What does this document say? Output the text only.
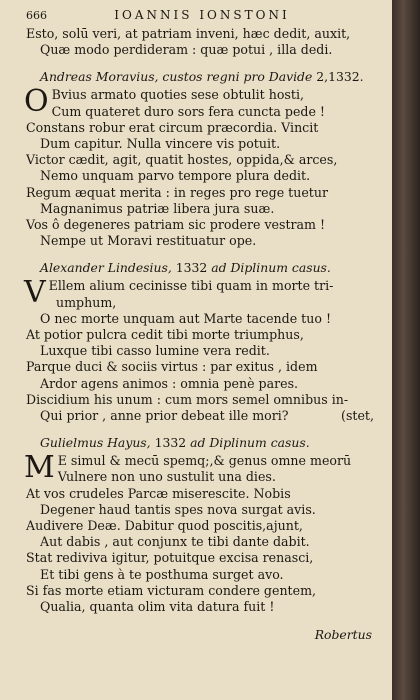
666	IOANNIS IONSTONI
Esto, solū veri, at patriam inveni, hæc dedit, auxit,
Quæ modo perdideram : quæ potui , illa dedi.
Andreas Moravius, custos regni pro Davide 2,1332.
O Bvius armato quoties sese obtulit hosti,
Cum quateret duro sors fera cuncta pede !
Constans robur erat circum præcordia. Vincit
Dum capitur. Nulla vincere vis potuit.
Victor cædit, agit, quatit hostes, oppida,& arces,
Nemo unquam parvo tempore plura dedit.
Regum æquat merita : in reges pro rege tuetur
Magnanimus patriæ libera jura suæ.
Vos ô degeneres patriam sic prodere vestram !
Nempe ut Moravi restituatur ope.
Alexander Lindesius, 1332 ad Diplinum casus.
V Ellem alium cecinisse tibi quam in morte tri-
umphum,
O nec morte unquam aut Marte tacende tuo !
At potior pulcra cedit tibi morte triumphus,
Luxque tibi casso lumine vera redit.
Parque duci & sociis virtus : par exitus , idem
Ardor agens animos : omnia penè pares.
Discidium his unum : cum mors semel omnibus in-
(stet,
Qui prior , anne prior debeat ille mori?
Gulielmus Hayus, 1332 ad Diplinum casus.
M E simul & mecū spemq;,& genus omne meorū
Vulnere non uno sustulit una dies.
At vos crudeles Parcæ miserescite. Nobis
Degener haud tantis spes nova surgat avis.
Audivere Deæ. Dabitur quod poscitis,ajunt,
Aut dabis , aut conjunx te tibi dante dabit.
Stat rediviva igitur, potuitque excisa renasci,
Et tibi gens à te posthuma surget avo.
Si fas morte etiam victuram condere gentem,
Qualia, quanta olim vita datura fuit !
Robertus
